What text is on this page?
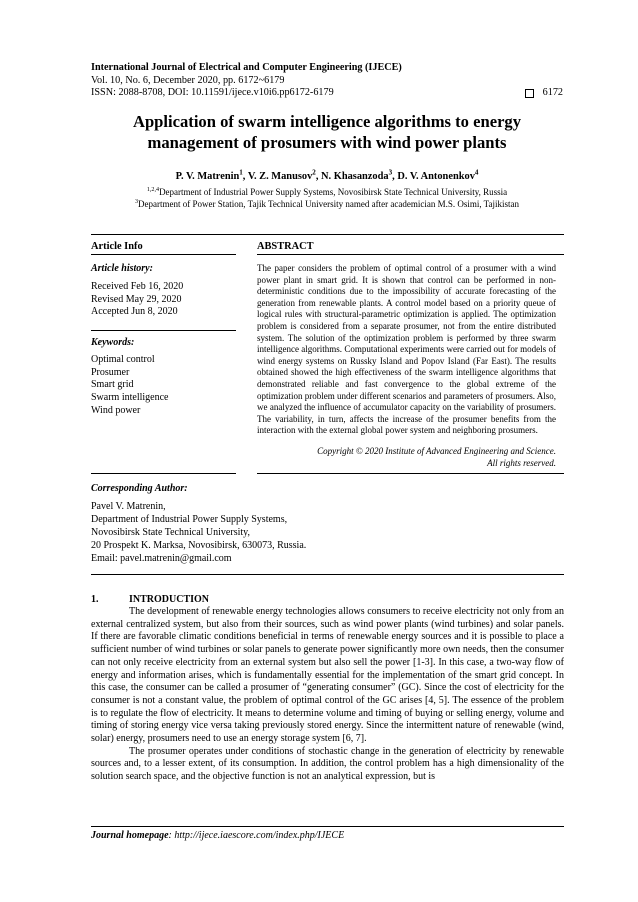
International Journal of Electrical and Computer Engineering (IJECE)
Vol. 10, No. 6, December 2020, pp. 6172~6179
ISSN: 2088-8708, DOI: 10.11591/ijece.v10i6.pp6172-6179	6172
Application of swarm intelligence algorithms to energy
management of prosumers with wind power plants
P. V. Matrenin$^1$, V. Z. Manusov$^2$, N. Khasanzoda$^3$, D. V. Antonenkov$^4$
$^{1,2,4}$Department of Industrial Power Supply Systems, Novosibirsk State Technical University, Russia
$^3$Department of Power Station, Tajik Technical University named after academician M.S. Osimi, Tajikistan
Article Info	ABSTRACT
Article history:
Received Feb 16, 2020
Revised May 29, 2020
Accepted Jun 8, 2020
Keywords:
Optimal control
Prosumer
Smart grid
Swarm intelligence
Wind power
The paper considers the problem of optimal control of a prosumer with a wind power plant in smart grid. It is shown that control can be performed in non-deterministic conditions due to the impossibility of accurate forecasting of the generation from renewable plants. A control model based on a priority queue of logical rules with structural-parametric optimization is applied. The optimization problem is considered from a separate prosumer, not from the entire distributed system. The solution of the optimization problem is performed by three swarm intelligence algorithms. Computational experiments were carried out for models of wind energy systems on Russky Island and Popov Island (Far East). The results obtained showed the high effectiveness of the swarm intelligence algorithms that demonstrated reliable and fast convergence to the global extreme of the optimization problem under different scenarios and parameters of prosumers. Also, we analyzed the influence of accumulator capacity on the variability of prosumers. The variability, in turn, affects the increase of the prosumer benefits from the interaction with the external global power system and neighboring prosumers.
Copyright © 2020 Institute of Advanced Engineering and Science.
All rights reserved.
Corresponding Author:
Pavel V. Matrenin,
Department of Industrial Power Supply Systems,
Novosibirsk State Technical University,
20 Prospekt K. Marksa, Novosibirsk, 630073, Russia.
Email: pavel.matrenin@gmail.com
1.	INTRODUCTION

The development of renewable energy technologies allows consumers to receive electricity not only from an external centralized system, but also from their sources, such as wind power plants (wind turbines) and solar panels. If there are favorable climatic conditions beneficial in terms of renewable energy sources and it is possible to place a sufficient number of wind turbines or solar panels to generate power significantly more own needs, then the consumer can not only receive electricity from an external system but also sell the power [1-3]. In this case, a two-way flow of energy and information arises, which is fundamentally essential for the implementation of the smart grid concept. In this case, the consumer can be called a prosumer of “generating consumer” (GC). Since the cost of electricity for the consumer is not a constant value, the problem of optimal control of the GC arises [4, 5]. The essence of the problem is to regulate the flow of electricity. It means to determine volume and timing of buying or selling energy, volume and timing of storing energy vice versa taking previously stored energy. Since the intermittent nature of renewable (wind, solar) energy, prosumers need to use an energy storage system [6, 7].

The prosumer operates under conditions of stochastic change in the generation of electricity by renewable sources and, to a lesser extent, of its consumption. In addition, the control problem has a high dimensionality of the solution search space, and the objective function is not an analytical expression, but is

Journal homepage: http://ijece.iaescore.com/index.php/IJECE
